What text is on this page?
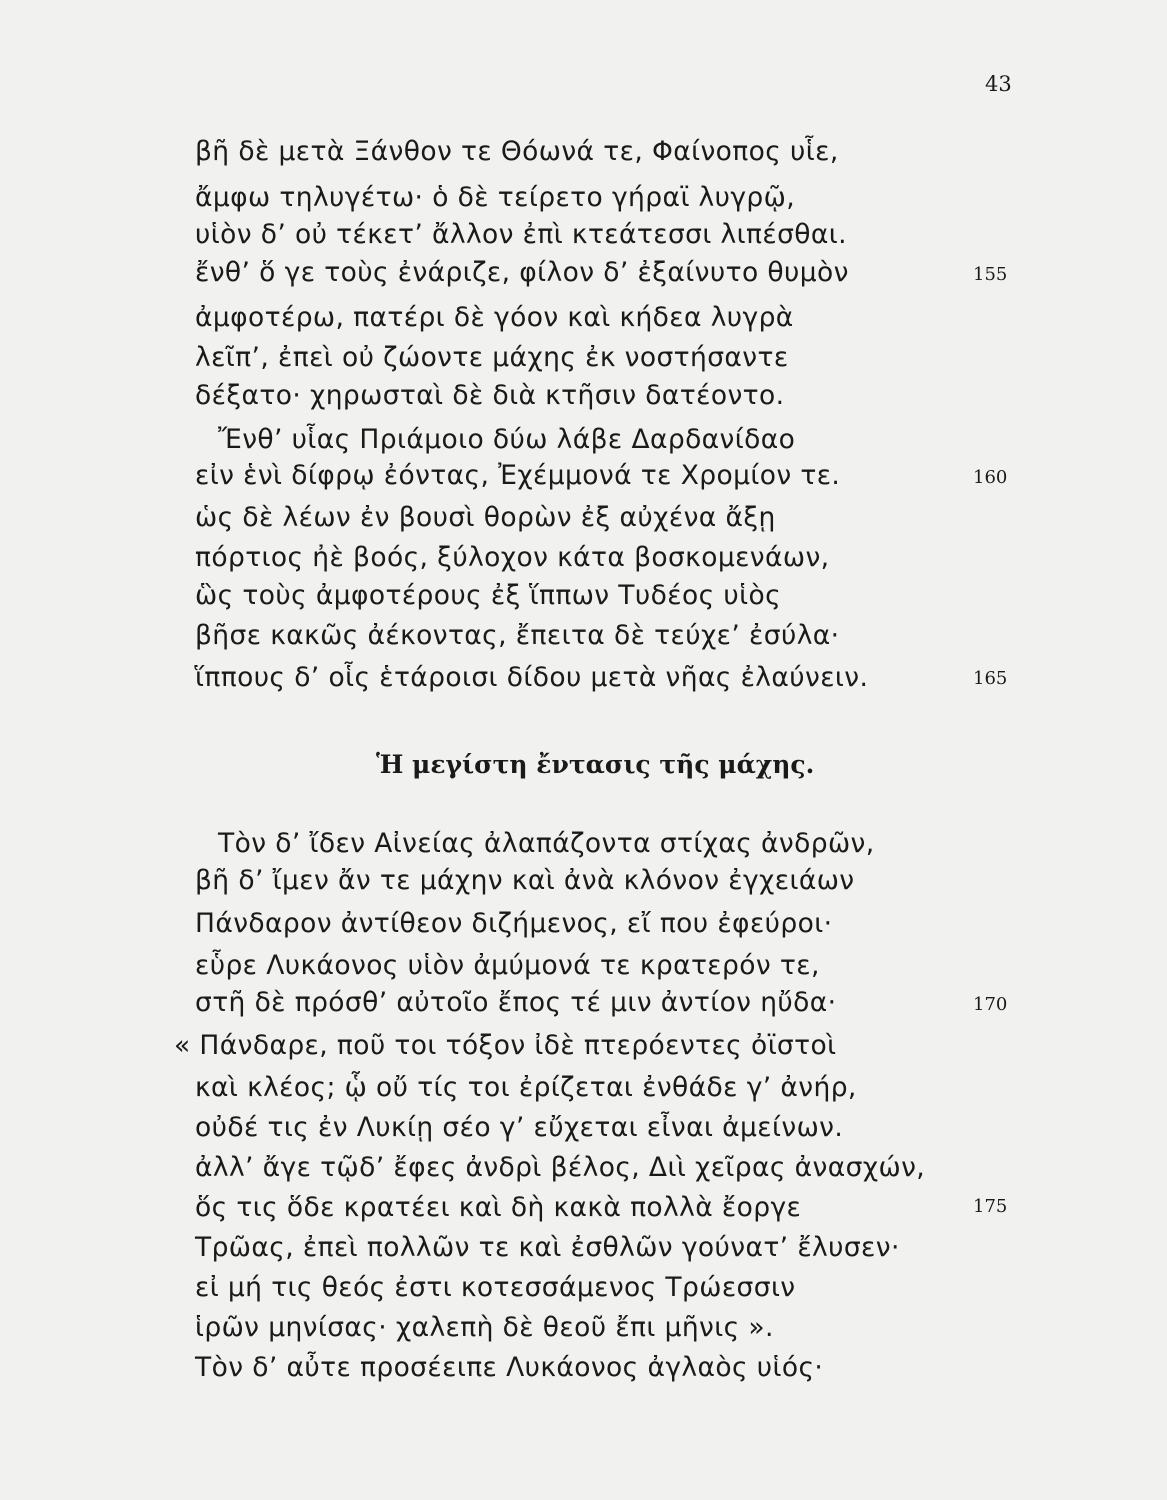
43
βῆ δὲ μετὰ Ξάνθον τε Θόωνά τε, Φαίνοπος υἷε,
ἄμφω τηλυγέτω· ὁ δὲ τείρετο γήραϊ λυγρῷ,
υἱὸν δ’ οὐ τέκετ’ ἄλλον ἐπὶ κτεάτεσσι λιπέσθαι.
ἔνθ’ ὅ γε τοὺς ἐνάριζε, φίλον δ’ ἐξαίνυτο θυμὸν
ἀμφοτέρω, πατέρι δὲ γόον καὶ κήδεα λυγρὰ
λεῖπ’, ἐπεὶ οὐ ζώοντε μάχης ἐκ νοστήσαντε
δέξατο· χηρωσταὶ δὲ διὰ κτῆσιν δατέοντο.
Ἔνθ’ υἷας Πριάμοιο δύω λάβε Δαρδανίδαο
εἰν ἑνὶ δίφρῳ ἐόντας, Ἐχέμμονά τε Χρομίον τε.
ὡς δὲ λέων ἐν βουσὶ θορὼν ἐξ αὐχένα ἄξῃ
πόρτιος ἠὲ βοός, ξύλοχον κάτα βοσκομενάων,
ὣς τοὺς ἀμφοτέρους ἐξ ἵππων Τυδέος υἱὸς
βῆσε κακῶς ἀέκοντας, ἔπειτα δὲ τεύχε’ ἐσύλα·
ἵππους δ’ οἷς ἑτάροισι δίδου μετὰ νῆας ἐλαύνειν.
155
160
165
Ἡ μεγίστη ἔντασις τῆς μάχης.
Τὸν δ’ ἴδεν Αἰνείας ἀλαπάζοντα στίχας ἀνδρῶν,
βῆ δ’ ἴμεν ἄν τε μάχην καὶ ἀνὰ κλόνον ἐγχειάων
Πάνδαρον ἀντίθεον διζήμενος, εἴ που ἐφεύροι·
εὗρε Λυκάονος υἱὸν ἀμύμονά τε κρατερόν τε,
στῆ δὲ πρόσθ’ αὐτοῖο ἔπος τέ μιν ἀντίον ηὔδα·
« Πάνδαρε, ποῦ τοι τόξον ἰδὲ πτερόεντες ὀϊστοὶ
καὶ κλέος; ᾧ οὔ τίς τοι ἐρίζεται ἐνθάδε γ’ ἀνήρ,
οὐδέ τις ἐν Λυκίῃ σέο γ’ εὔχεται εἶναι ἀμείνων.
ἀλλ’ ἄγε τῷδ’ ἔφες ἀνδρὶ βέλος, Διὶ χεῖρας ἀνασχών,
ὅς τις ὅδε κρατέει καὶ δὴ κακὰ πολλὰ ἔοργε
Τρῶας, ἐπεὶ πολλῶν τε καὶ ἐσθλῶν γούνατ’ ἔλυσεν·
εἰ μή τις θεός ἐστι κοτεσσάμενος Τρώεσσιν
ἱρῶν μηνίσας· χαλεπὴ δὲ θεοῦ ἔπι μῆνις ».
Τὸν δ’ αὖτε προσέειπε Λυκάονος ἀγλαὸς υἱός·
170
175
